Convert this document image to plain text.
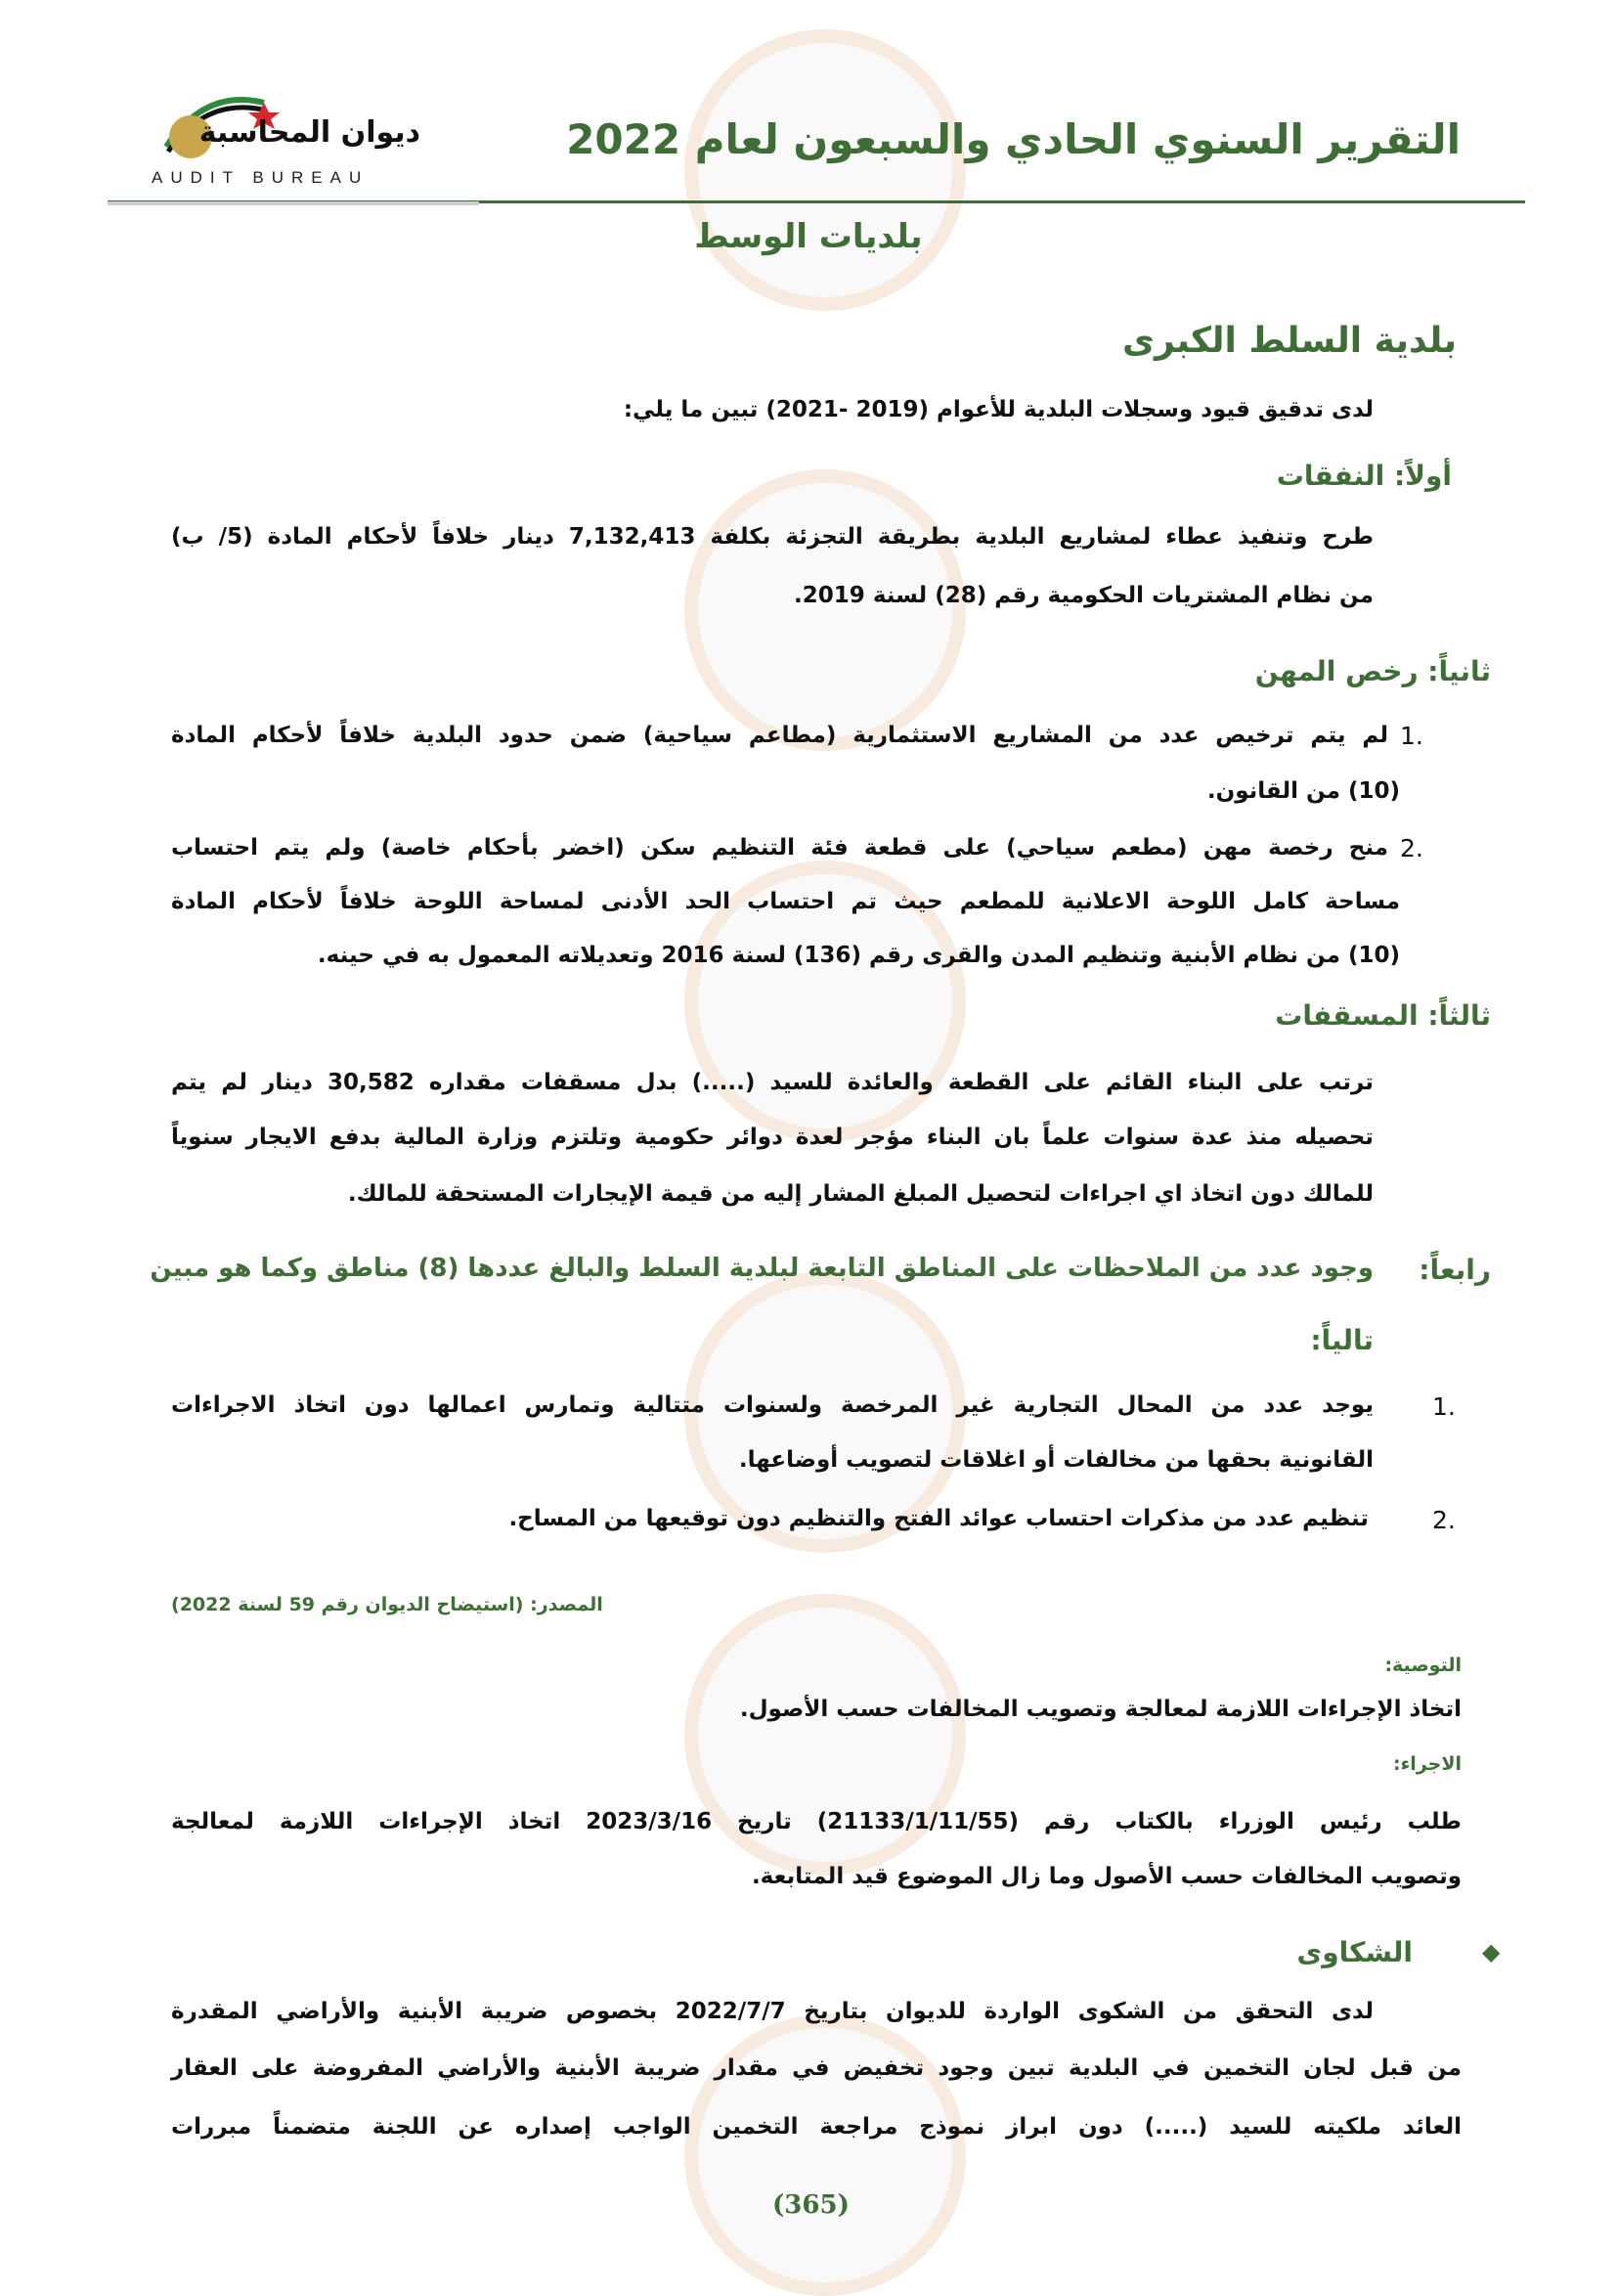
ديوان المحاسبة
AUDIT BUREAU
التقرير السنوي الحادي والسبعون لعام 2022
بلديات الوسط
بلدية السلط الكبرى
لدى تدقيق قيود وسجلات البلدية للأعوام (2019 -2021) تبين ما يلي:
أولاً: النفقات
طرح وتنفيذ عطاء لمشاريع البلدية بطريقة التجزئة بكلفة 7,132,413 دينار خلافاً لأحكام المادة (5/ ب)
من نظام المشتريات الحكومية رقم (28) لسنة 2019.
ثانياً: رخص المهن
1.
لم يتم ترخيص عدد من المشاريع الاستثمارية (مطاعم سياحية) ضمن حدود البلدية خلافاً لأحكام المادة
(10) من القانون.
2.
منح رخصة مهن (مطعم سياحي) على قطعة فئة التنظيم سكن (اخضر بأحكام خاصة) ولم يتم احتساب
مساحة كامل اللوحة الاعلانية للمطعم حيث تم احتساب الحد الأدنى لمساحة اللوحة خلافاً لأحكام المادة
(10) من نظام الأبنية وتنظيم المدن والقرى رقم (136) لسنة 2016 وتعديلاته المعمول به في حينه.
ثالثاً: المسقفات
ترتب على البناء القائم على القطعة والعائدة للسيد (.....) بدل مسقفات مقداره 30,582 دينار لم يتم
تحصيله منذ عدة سنوات علماً بان البناء مؤجر لعدة دوائر حكومية وتلتزم وزارة المالية بدفع الايجار سنوياً
للمالك دون اتخاذ اي اجراءات لتحصيل المبلغ المشار إليه من قيمة الإيجارات المستحقة للمالك.
رابعاً:
وجود عدد من الملاحظات على المناطق التابعة لبلدية السلط والبالغ عددها (8) مناطق وكما هو مبين
تالياً:
1.
يوجد عدد من المحال التجارية غير المرخصة ولسنوات متتالية وتمارس اعمالها دون اتخاذ الاجراءات
القانونية بحقها من مخالفات أو اغلاقات لتصويب أوضاعها.
2.
تنظيم عدد من مذكرات احتساب عوائد الفتح والتنظيم دون توقيعها من المساح.
المصدر: (استيضاح الديوان رقم 59 لسنة 2022)
التوصية:
اتخاذ الإجراءات اللازمة لمعالجة وتصويب المخالفات حسب الأصول.
الاجراء:
طلب رئيس الوزراء بالكتاب رقم (21133/1/11/55) تاريخ 2023/3/16 اتخاذ الإجراءات اللازمة لمعالجة
وتصويب المخالفات حسب الأصول وما زال الموضوع قيد المتابعة.
◆
الشكاوى
لدى التحقق من الشكوى الواردة للديوان بتاريخ 2022/7/7 بخصوص ضريبة الأبنية والأراضي المقدرة
من قبل لجان التخمين في البلدية تبين وجود تخفيض في مقدار ضريبة الأبنية والأراضي المفروضة على العقار
العائد ملكيته للسيد (.....) دون ابراز نموذج مراجعة التخمين الواجب إصداره عن اللجنة متضمناً مبررات
(365)
